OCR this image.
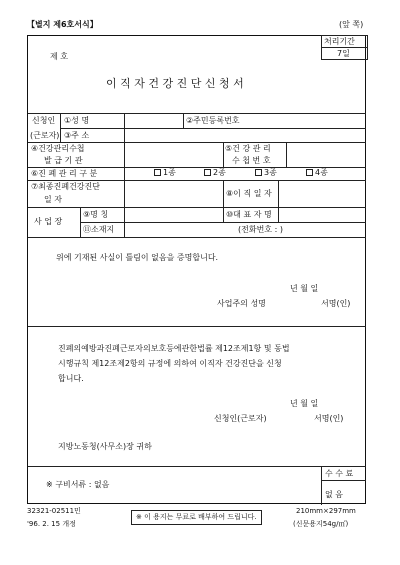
【별지 제6호서식】	(앞 쪽)
제 호
처리기간
7일
이직자건강진단신청서
신청인
(근로자)
①성 명	②주민등록번호
③주 소
④건강관리수첩
발 급 기 관
⑤건 강 관 리
수 첩 번 호
⑥진 폐 관 리 구 분	1종	2종	3종	4종
⑦최종진폐건강진단
일 자
⑧이 직 일 자
사 업 장
⑨명 칭	⑩대 표 자 명
⑪소재지	(전화번호 : )
위에 기재된 사실이 틀림이 없음을 증명합니다.
년 월 일
사업주의 성명	서명(인)
진폐의예방과진폐근로자의보호등에관한법률 제12조제1항 및 동법
시행규칙 제12조제2항의 규정에 의하여 이직자 건강진단을 신청
합니다.
년 월 일
신청인(근로자)	서명(인)
지방노동청(사무소)장 귀하
※ 구비서류 : 없음
수 수 료
없 음
32321-02511민
'96. 2. 15 개정
※ 이 용지는 무료로 배부하여 드립니다.
210mm×297mm
(신문용지54g/㎡)
